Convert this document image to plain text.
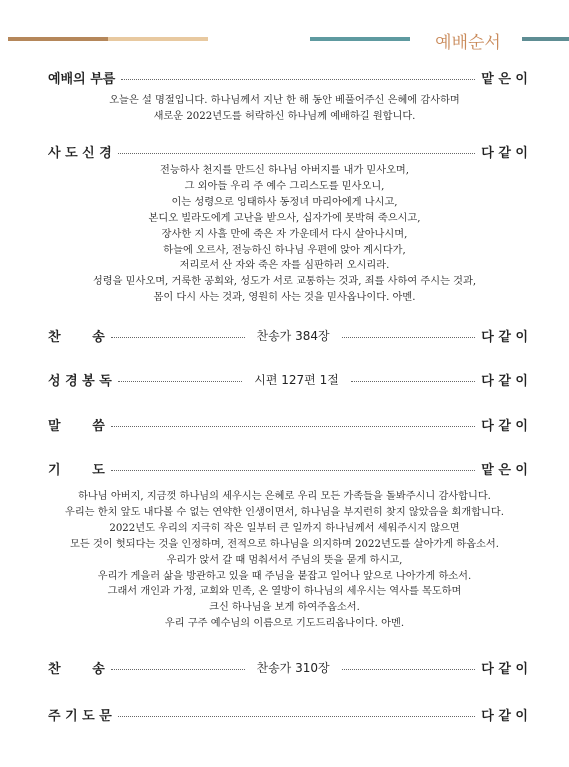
예배순서
예배의 부름	맡 은 이
오늘은 설 명절입니다. 하나님께서 지난 한 해 동안 베풀어주신 은혜에 감사하며
새로운 2022년도를 허락하신 하나님께 예배하길 원합니다.
사 도 신 경	다 같 이
전능하사 천지를 만드신 하나님 아버지를 내가 믿사오며,
그 외아들 우리 주 예수 그리스도를 믿사오니,
이는 성령으로 잉태하사 동정녀 마리아에게 나시고,
본디오 빌라도에게 고난을 받으사, 십자가에 못박혀 죽으시고,
장사한 지 사흘 만에 죽은 자 가운데서 다시 살아나시며,
하늘에 오르사, 전능하신 하나님 우편에 앉아 계시다가,
저리로서 산 자와 죽은 자를 심판하러 오시리라.
성령을 믿사오며, 거룩한 공회와, 성도가 서로 교통하는 것과, 죄를 사하여 주시는 것과,
몸이 다시 사는 것과, 영원히 사는 것을 믿사옵나이다. 아멘.
찬       송	찬송가 384장	다 같 이
성 경 봉 독	시편 127편 1절	다 같 이
말       씀	다 같 이
기       도	맡 은 이
하나님 아버지, 지금껏 하나님의 세우시는 은혜로 우리 모든 가족들을 돌봐주시니 감사합니다.
우리는 한치 앞도 내다볼 수 없는 연약한 인생이면서, 하나님을 부지런히 찾지 않았음을 회개합니다.
2022년도 우리의 지극히 작은 일부터 큰 일까지 하나님께서 세워주시지 않으면
모든 것이 헛되다는 것을 인정하며, 전적으로 하나님을 의지하며 2022년도를 살아가게 하옵소서.
우리가 앉서 갈 때 멈춰서서 주님의 뜻을 묻게 하시고,
우리가 게을러 삶을 방관하고 있을 때 주님을 붙잡고 일어나 앞으로 나아가게 하소서.
그래서 개인과 가정, 교회와 민족, 온 열방이 하나님의 세우시는 역사를 목도하며
크신 하나님을 보게 하여주옵소서.
우리 구주 예수님의 이름으로 기도드리옵나이다. 아멘.
찬       송	찬송가 310장	다 같 이
주 기 도 문	다 같 이
